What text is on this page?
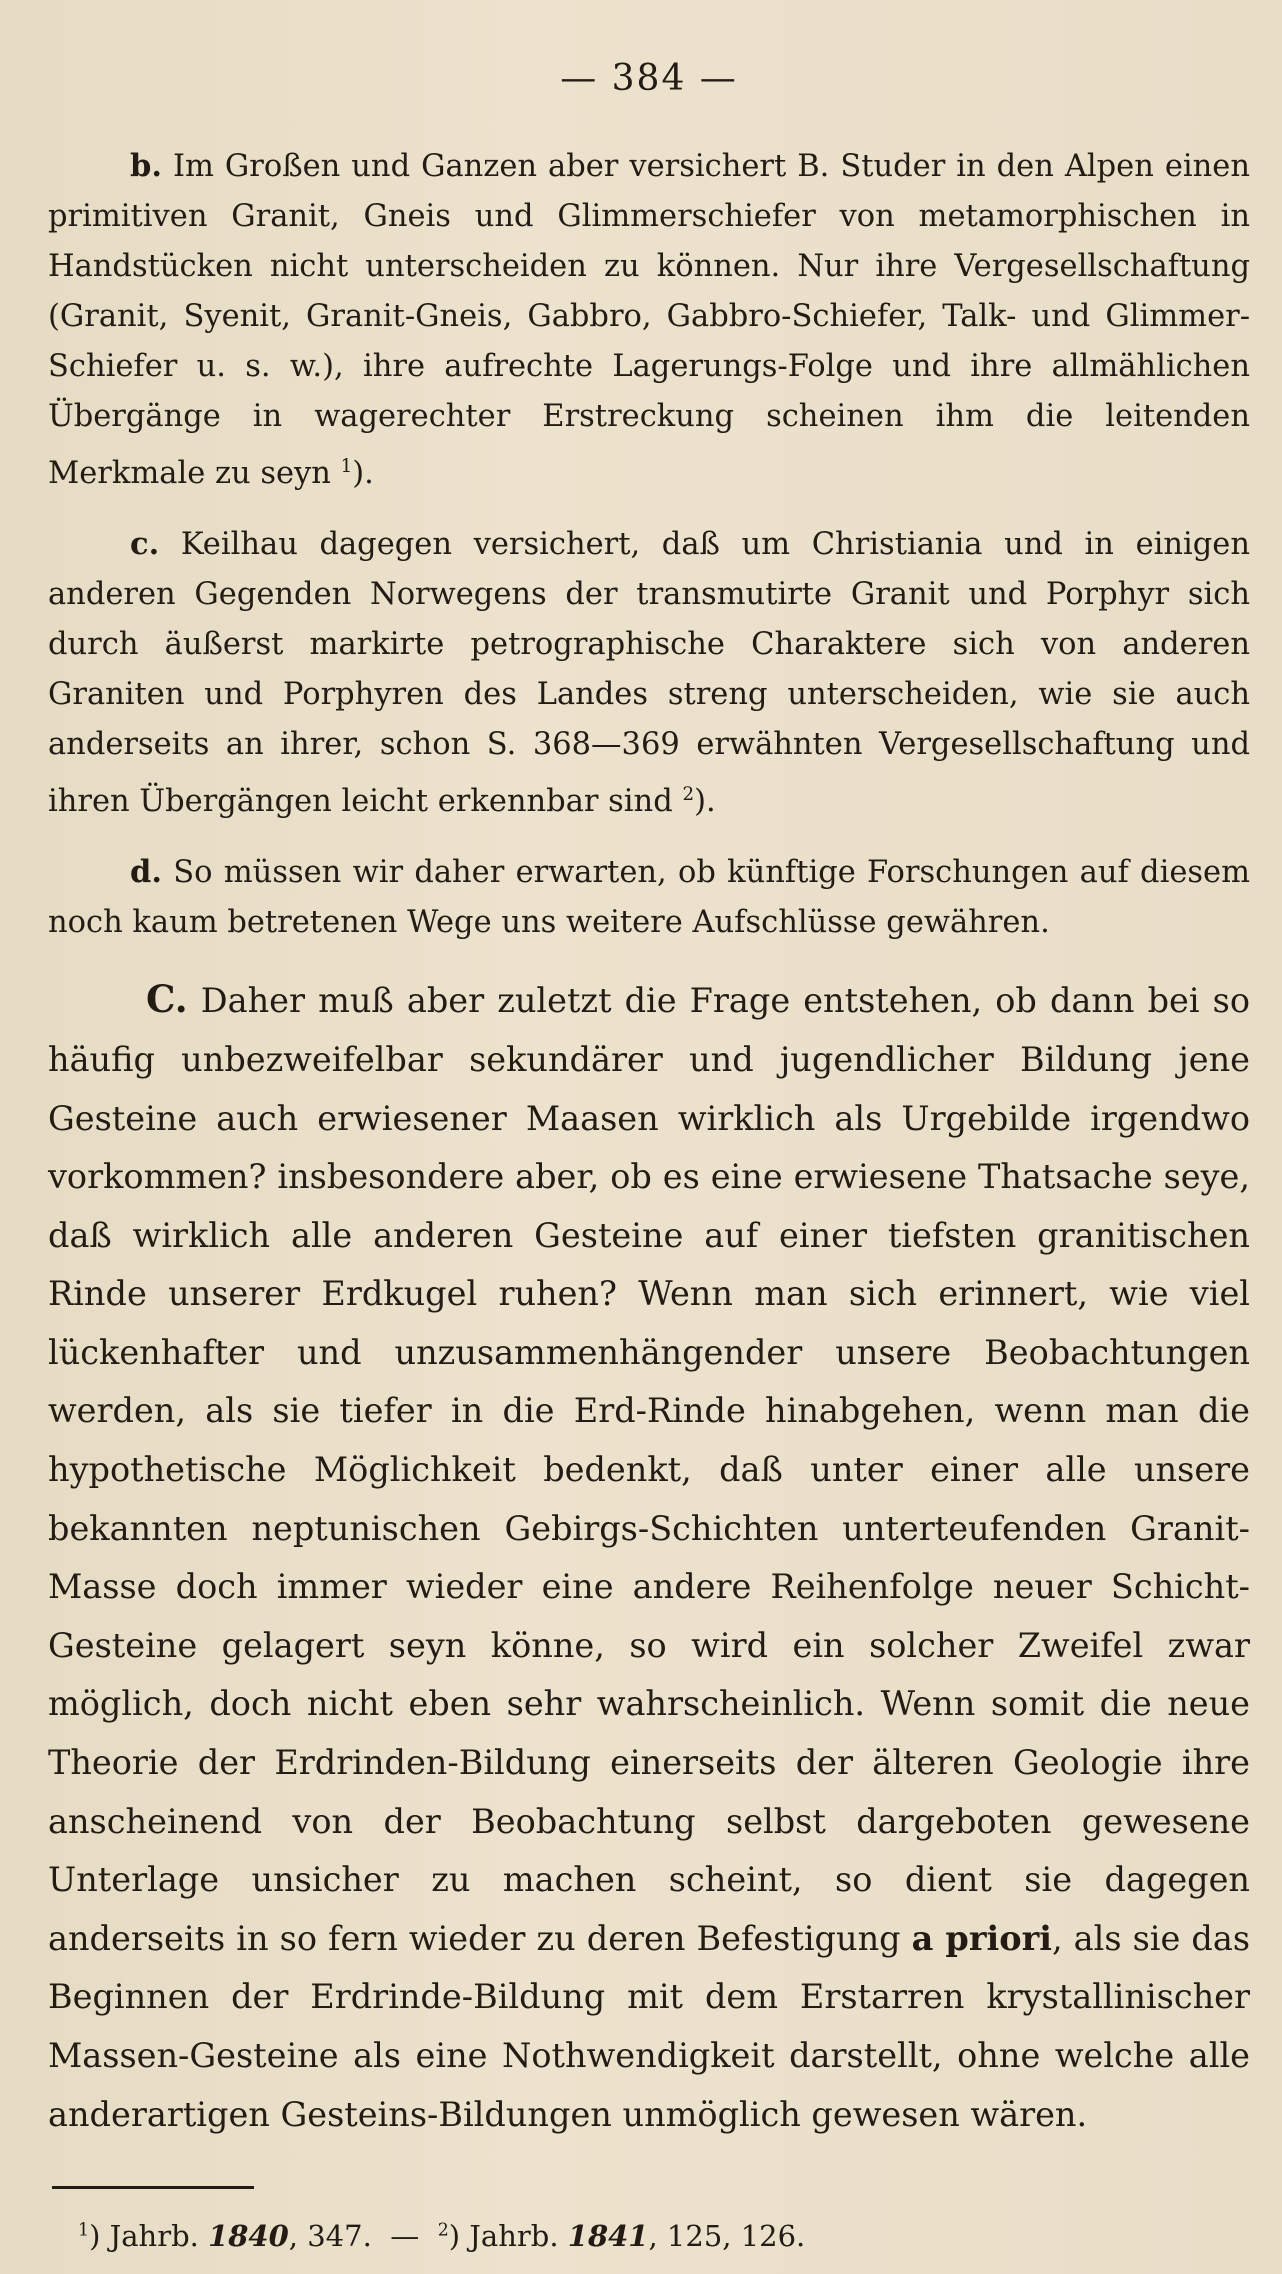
— 384 —

b. Im Großen und Ganzen aber versichert B. Studer in den Alpen einen primitiven Granit, Gneis und Glimmerschiefer von metamorphischen in Handstücken nicht unterscheiden zu können. Nur ihre Vergesellschaftung (Granit, Syenit, Granit-Gneis, Gabbro, Gabbro-Schiefer, Talk- und Glimmer-Schiefer u. s. w.), ihre aufrechte Lagerungs-Folge und ihre allmählichen Übergänge in wagerechter Erstreckung scheinen ihm die leitenden Merkmale zu seyn $^1$).

c. Keilhau dagegen versichert, daß um Christiania und in einigen anderen Gegenden Norwegens der transmutirte Granit und Porphyr sich durch äußerst markirte petrographische Charaktere sich von anderen Graniten und Porphyren des Landes streng unterscheiden, wie sie auch anderseits an ihrer, schon S. 368—369 erwähnten Vergesellschaftung und ihren Übergängen leicht erkennbar sind $^2$).

d. So müssen wir daher erwarten, ob künftige Forschungen auf diesem noch kaum betretenen Wege uns weitere Aufschlüsse gewähren.

C. Daher muß aber zuletzt die Frage entstehen, ob dann bei so häufig unbezweifelbar sekundärer und jugendlicher Bildung jene Gesteine auch erwiesener Maasen wirklich als Urgebilde irgendwo vorkommen? insbesondere aber, ob es eine erwiesene Thatsache seye, daß wirklich alle anderen Gesteine auf einer tiefsten granitischen Rinde unserer Erdkugel ruhen? Wenn man sich erinnert, wie viel lückenhafter und unzusammenhängender unsere Beobachtungen werden, als sie tiefer in die Erd-Rinde hinabgehen, wenn man die hypothetische Möglichkeit bedenkt, daß unter einer alle unsere bekannten neptunischen Gebirgs-Schichten unterteufenden Granit-Masse doch immer wieder eine andere Reihenfolge neuer Schicht-Gesteine gelagert seyn könne, so wird ein solcher Zweifel zwar möglich, doch nicht eben sehr wahrscheinlich. Wenn somit die neue Theorie der Erdrinden-Bildung einerseits der älteren Geologie ihre anscheinend von der Beobachtung selbst dargeboten gewesene Unterlage unsicher zu machen scheint, so dient sie dagegen anderseits in so fern wieder zu deren Befestigung a priori, als sie das Beginnen der Erdrinde-Bildung mit dem Erstarren krystallinischer Massen-Gesteine als eine Nothwendigkeit darstellt, ohne welche alle anderartigen Gesteins-Bildungen unmöglich gewesen wären.

$^1$) Jahrb. 1840, 347.  —  $^2$) Jahrb. 1841, 125, 126.
